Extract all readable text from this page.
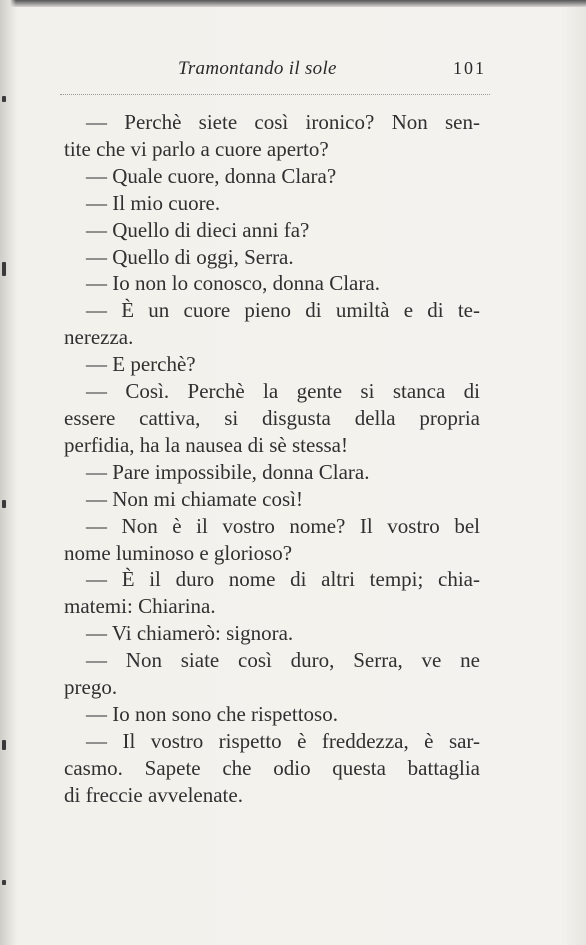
Tramontando il sole	101
— Perchè siete così ironico? Non sen-
tite che vi parlo a cuore aperto?
— Quale cuore, donna Clara?
— Il mio cuore.
— Quello di dieci anni fa?
— Quello di oggi, Serra.
— Io non lo conosco, donna Clara.
— È un cuore pieno di umiltà e di te-
nerezza.
— E perchè?
— Così. Perchè la gente si stanca di
essere cattiva, si disgusta della propria
perfidia, ha la nausea di sè stessa!
— Pare impossibile, donna Clara.
— Non mi chiamate così!
— Non è il vostro nome? Il vostro bel
nome luminoso e glorioso?
— È il duro nome di altri tempi; chia-
matemi: Chiarina.
— Vi chiamerò: signora.
— Non siate così duro, Serra, ve ne
prego.
— Io non sono che rispettoso.
— Il vostro rispetto è freddezza, è sar-
casmo. Sapete che odio questa battaglia
di freccie avvelenate.
